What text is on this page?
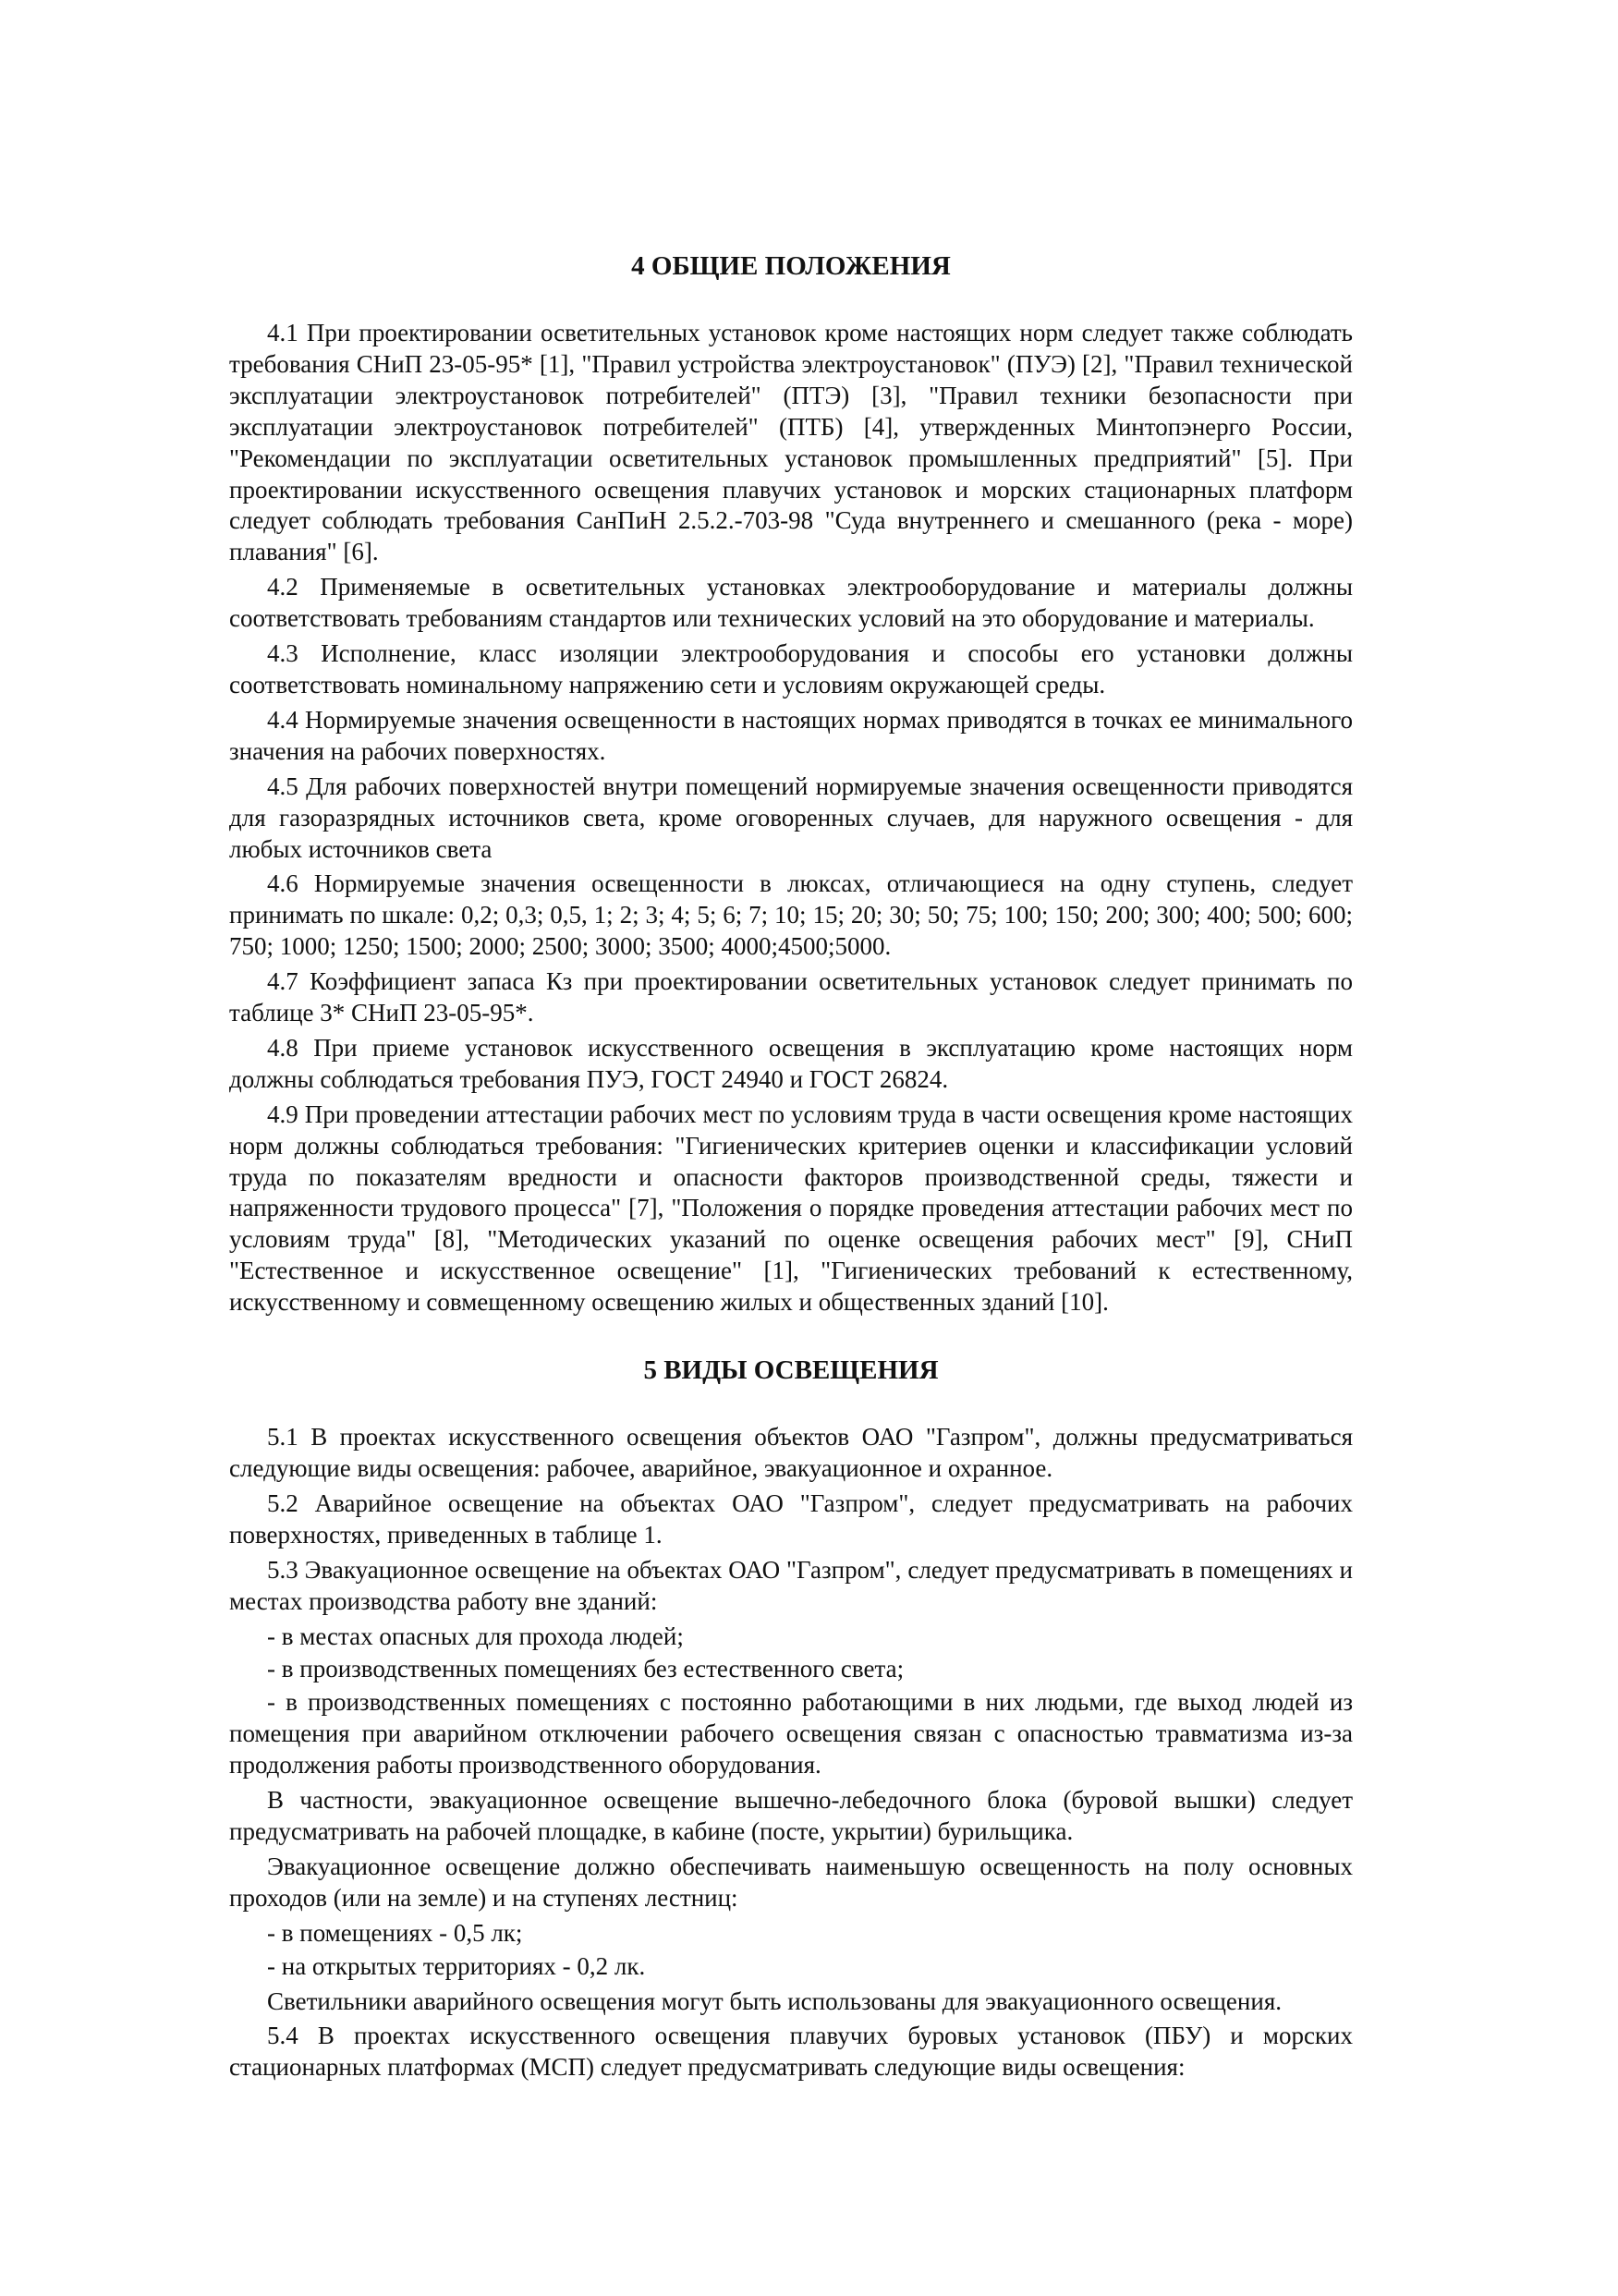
4 ОБЩИЕ ПОЛОЖЕНИЯ

4.1 При проектировании осветительных установок кроме настоящих норм следует также соблюдать требования СНиП 23-05-95* [1], "Правил устройства электроустановок" (ПУЭ) [2], "Правил технической эксплуатации электроустановок потребителей" (ПТЭ) [3], "Правил техники безопасности при эксплуатации электроустановок потребителей" (ПТБ) [4], утвержденных Минтопэнерго России, "Рекомендации по эксплуатации осветительных установок промышленных предприятий" [5]. При проектировании искусственного освещения плавучих установок и морских стационарных платформ следует соблюдать требования СанПиН 2.5.2.-703-98 "Суда внутреннего и смешанного (река - море) плавания" [6].

4.2 Применяемые в осветительных установках электрооборудование и материалы должны соответствовать требованиям стандартов или технических условий на это оборудование и материалы.

4.3 Исполнение, класс изоляции электрооборудования и способы его установки должны соответствовать номинальному напряжению сети и условиям окружающей среды.

4.4 Нормируемые значения освещенности в настоящих нормах приводятся в точках ее минимального значения на рабочих поверхностях.

4.5 Для рабочих поверхностей внутри помещений нормируемые значения освещенности приводятся для газоразрядных источников света, кроме оговоренных случаев, для наружного освещения - для любых источников света

4.6 Нормируемые значения освещенности в люксах, отличающиеся на одну ступень, следует принимать по шкале: 0,2; 0,3; 0,5, 1; 2; 3; 4; 5; 6; 7; 10; 15; 20; 30; 50; 75; 100; 150; 200; 300; 400; 500; 600; 750; 1000; 1250; 1500; 2000; 2500; 3000; 3500; 4000;4500;5000.

4.7 Коэффициент запаса Кз при проектировании осветительных установок следует принимать по таблице 3* СНиП 23-05-95*.

4.8 При приеме установок искусственного освещения в эксплуатацию кроме настоящих норм должны соблюдаться требования ПУЭ, ГОСТ 24940 и ГОСТ 26824.

4.9 При проведении аттестации рабочих мест по условиям труда в части освещения кроме настоящих норм должны соблюдаться требования: "Гигиенических критериев оценки и классификации условий труда по показателям вредности и опасности факторов производственной среды, тяжести и напряженности трудового процесса" [7], "Положения о порядке проведения аттестации рабочих мест по условиям труда" [8], "Методических указаний по оценке освещения рабочих мест" [9], СНиП "Естественное и искусственное освещение" [1], "Гигиенических требований к естественному, искусственному и совмещенному освещению жилых и общественных зданий [10].

5 ВИДЫ ОСВЕЩЕНИЯ

5.1 В проектах искусственного освещения объектов ОАО "Газпром", должны предусматриваться следующие виды освещения: рабочее, аварийное, эвакуационное и охранное.

5.2 Аварийное освещение на объектах ОАО "Газпром", следует предусматривать на рабочих поверхностях, приведенных в таблице 1.

5.3 Эвакуационное освещение на объектах ОАО "Газпром", следует предусматривать в помещениях и местах производства работу вне зданий:

- в местах опасных для прохода людей;

- в производственных помещениях без естественного света;

- в производственных помещениях с постоянно работающими в них людьми, где выход людей из помещения при аварийном отключении рабочего освещения связан с опасностью травматизма из-за продолжения работы производственного оборудования.

В частности, эвакуационное освещение вышечно-лебедочного блока (буровой вышки) следует предусматривать на рабочей площадке, в кабине (посте, укрытии) бурильщика.

Эвакуационное освещение должно обеспечивать наименьшую освещенность на полу основных проходов (или на земле) и на ступенях лестниц:

- в помещениях - 0,5 лк;

- на открытых территориях - 0,2 лк.

Светильники аварийного освещения могут быть использованы для эвакуационного освещения.

5.4 В проектах искусственного освещения плавучих буровых установок (ПБУ) и морских стационарных платформах (МСП) следует предусматривать следующие виды освещения:
